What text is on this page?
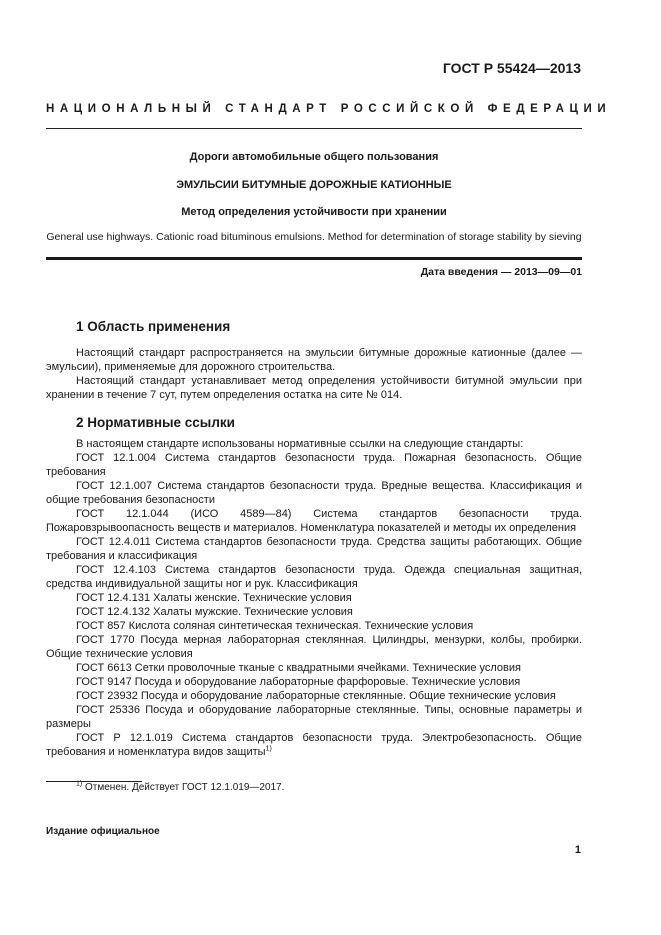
ГОСТ Р 55424—2013
НАЦИОНАЛЬНЫЙ СТАНДАРТ РОССИЙСКОЙ ФЕДЕРАЦИИ
Дороги автомобильные общего пользования
ЭМУЛЬСИИ БИТУМНЫЕ ДОРОЖНЫЕ КАТИОННЫЕ
Метод определения устойчивости при хранении
General use highways. Cationic road bituminous emulsions. Method for determination of storage stability by sieving
Дата введения — 2013—09—01
1 Область применения

Настоящий стандарт распространяется на эмульсии битумные дорожные катионные (далее — эмульсии), применяемые для дорожного строительства.

Настоящий стандарт устанавливает метод определения устойчивости битумной эмульсии при хранении в течение 7 сут, путем определения остатка на сите № 014.

2 Нормативные ссылки

В настоящем стандарте использованы нормативные ссылки на следующие стандарты:

ГОСТ 12.1.004 Система стандартов безопасности труда. Пожарная безопасность. Общие требования

ГОСТ 12.1.007 Система стандартов безопасности труда. Вредные вещества. Классификация и общие требования безопасности

ГОСТ 12.1.044 (ИСО 4589—84) Система стандартов безопасности труда. Пожаровзрывоопасность веществ и материалов. Номенклатура показателей и методы их определения

ГОСТ 12.4.011 Система стандартов безопасности труда. Средства защиты работающих. Общие требования и классификация

ГОСТ 12.4.103 Система стандартов безопасности труда. Одежда специальная защитная, средства индивидуальной защиты ног и рук. Классификация

ГОСТ 12.4.131 Халаты женские. Технические условия

ГОСТ 12.4.132 Халаты мужские. Технические условия

ГОСТ 857 Кислота соляная синтетическая техническая. Технические условия

ГОСТ 1770 Посуда мерная лабораторная стеклянная. Цилиндры, мензурки, колбы, пробирки. Общие технические условия

ГОСТ 6613 Сетки проволочные тканые с квадратными ячейками. Технические условия

ГОСТ 9147 Посуда и оборудование лабораторные фарфоровые. Технические условия

ГОСТ 23932 Посуда и оборудование лабораторные стеклянные. Общие технические условия

ГОСТ 25336 Посуда и оборудование лабораторные стеклянные. Типы, основные параметры и размеры

ГОСТ Р 12.1.019 Система стандартов безопасности труда. Электробезопасность. Общие требования и номенклатура видов защиты$^{1)}$

$^{1)}$ Отменен. Действует ГОСТ 12.1.019—2017.
Издание официальное
1
